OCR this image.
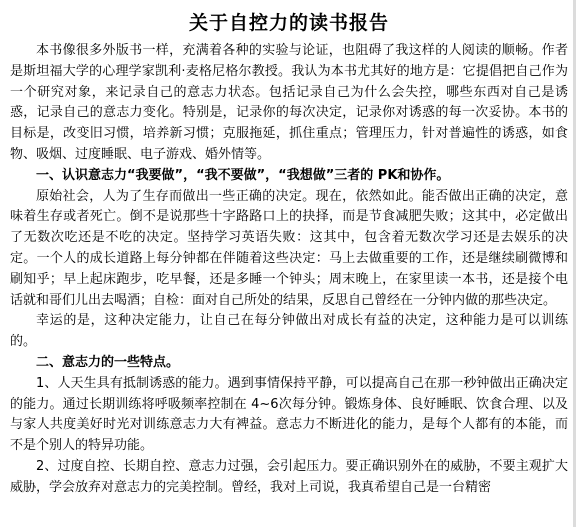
关于自控力的读书报告

本书像很多外版书一样，充满着各种的实验与论证，也阻碍了我这样的人阅读的顺畅。作者是斯坦福大学的心理学家凯利·麦格尼格尔教授。我认为本书尤其好的地方是：它提倡把自己作为一个研究对象，来记录自己的意志力状态。包括记录自己为什么会失控，哪些东西对自己是诱惑，记录自己的意志力变化。特别是，记录你的每次决定，记录你对诱惑的每一次妥协。本书的目标是，改变旧习惯，培养新习惯；克服拖延，抓住重点；管理压力，针对普遍性的诱惑，如食物、吸烟、过度睡眠、电子游戏、婚外情等。

一、认识意志力“我要做”，“我不要做”，“我想做”三者的 PK和协作。

原始社会，人为了生存而做出一些正确的决定。现在，依然如此。能否做出正确的决定，意味着生存或者死亡。倒不是说那些十字路路口上的抉择，而是节食减肥失败；这其中，必定做出了无数次吃还是不吃的决定。坚持学习英语失败：这其中，包含着无数次学习还是去娱乐的决定。一个人的成长道路上每分钟都在伴随着这些决定：马上去做重要的工作，还是继续刷微博和刷知乎；早上起床跑步，吃早餐，还是多睡一个钟头；周末晚上，在家里读一本书，还是接个电话就和哥们儿出去喝酒；自检：面对自己所处的结果，反思自己曾经在一分钟内做的那些决定。

幸运的是，这种决定能力，让自己在每分钟做出对成长有益的决定，这种能力是可以训练的。

二、意志力的一些特点。

1、人天生具有抵制诱惑的能力。遇到事情保持平静，可以提高自己在那一秒钟做出正确决定的能力。通过长期训练将呼吸频率控制在 4~6次每分钟。锻炼身体、良好睡眠、饮食合理、以及与家人共度美好时光对训练意志力大有裨益。意志力不断进化的能力，是每个人都有的本能，而不是个别人的特异功能。

2、过度自控、长期自控、意志力过强，会引起压力。要正确识别外在的威胁，不要主观扩大威胁，学会放弃对意志力的完美控制。曾经，我对上司说，我真希望自己是一台精密
